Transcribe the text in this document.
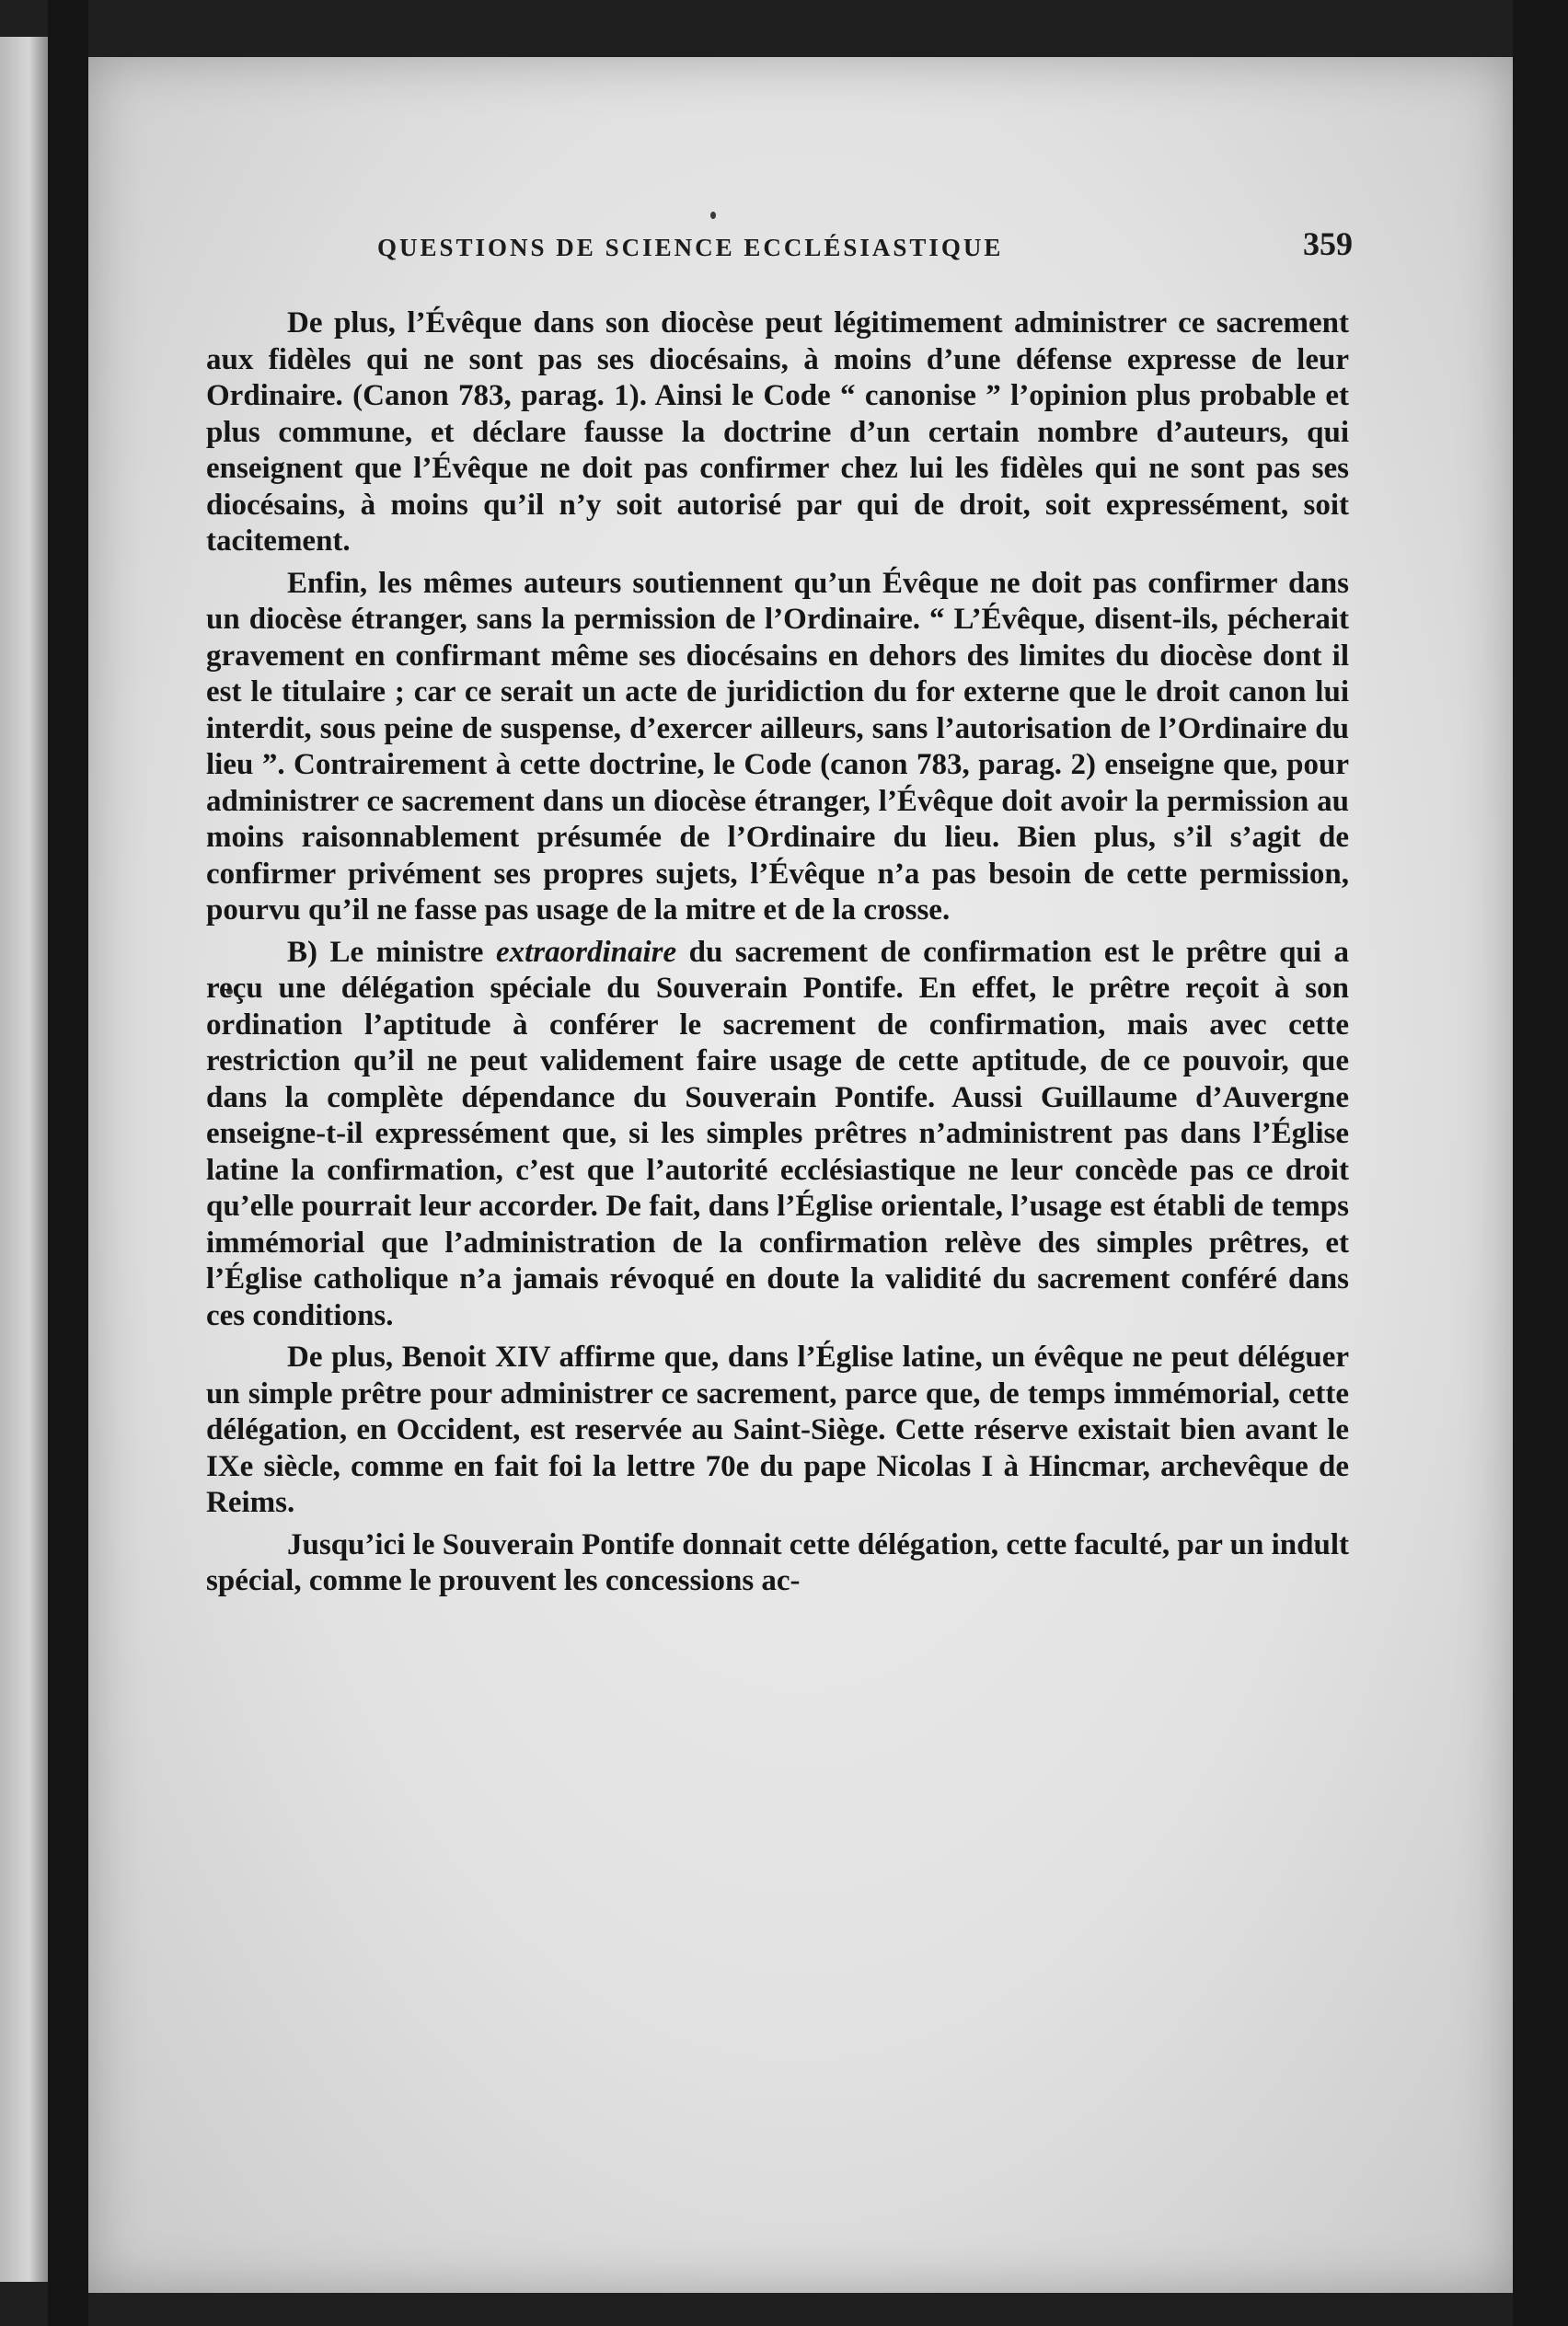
QUESTIONS DE SCIENCE ECCLÉSIASTIQUE	359

De plus, l’Évêque dans son diocèse peut légitimement administrer ce sacrement aux fidèles qui ne sont pas ses diocésains, à moins d’une défense expresse de leur Ordinaire. (Canon 783, parag. 1). Ainsi le Code “ canonise ” l’opinion plus probable et plus commune, et déclare fausse la doctrine d’un certain nombre d’auteurs, qui enseignent que l’Évêque ne doit pas confirmer chez lui les fidèles qui ne sont pas ses diocésains, à moins qu’il n’y soit autorisé par qui de droit, soit expressément, soit tacitement.

Enfin, les mêmes auteurs soutiennent qu’un Évêque ne doit pas confirmer dans un diocèse étranger, sans la permission de l’Ordinaire. “ L’Évêque, disent-ils, pécherait gravement en confirmant même ses diocésains en dehors des limites du diocèse dont il est le titulaire ; car ce serait un acte de juridiction du for externe que le droit canon lui interdit, sous peine de suspense, d’exercer ailleurs, sans l’autorisation de l’Ordinaire du lieu ”. Contrairement à cette doctrine, le Code (canon 783, parag. 2) enseigne que, pour administrer ce sacrement dans un diocèse étranger, l’Évêque doit avoir la permission au moins raisonnablement présumée de l’Ordinaire du lieu. Bien plus, s’il s’agit de confirmer privément ses propres sujets, l’Évêque n’a pas besoin de cette permission, pourvu qu’il ne fasse pas usage de la mitre et de la crosse.

B) Le ministre extraordinaire du sacrement de confirmation est le prêtre qui a reçu une délégation spéciale du Souverain Pontife. En effet, le prêtre reçoit à son ordination l’aptitude à conférer le sacrement de confirmation, mais avec cette restriction qu’il ne peut validement faire usage de cette aptitude, de ce pouvoir, que dans la complète dépendance du Souverain Pontife. Aussi Guillaume d’Auvergne enseigne-t-il expressément que, si les simples prêtres n’administrent pas dans l’Église latine la confirmation, c’est que l’autorité ecclésiastique ne leur concède pas ce droit qu’elle pourrait leur accorder. De fait, dans l’Église orientale, l’usage est établi de temps immémorial que l’administration de la confirmation relève des simples prêtres, et l’Église catholique n’a jamais révoqué en doute la validité du sacrement conféré dans ces conditions.

De plus, Benoit XIV affirme que, dans l’Église latine, un évêque ne peut déléguer un simple prêtre pour administrer ce sacrement, parce que, de temps immémorial, cette délégation, en Occident, est reservée au Saint-Siège. Cette réserve existait bien avant le IXe siècle, comme en fait foi la lettre 70e du pape Nicolas I à Hincmar, archevêque de Reims.

Jusqu’ici le Souverain Pontife donnait cette délégation, cette faculté, par un indult spécial, comme le prouvent les concessions ac-
